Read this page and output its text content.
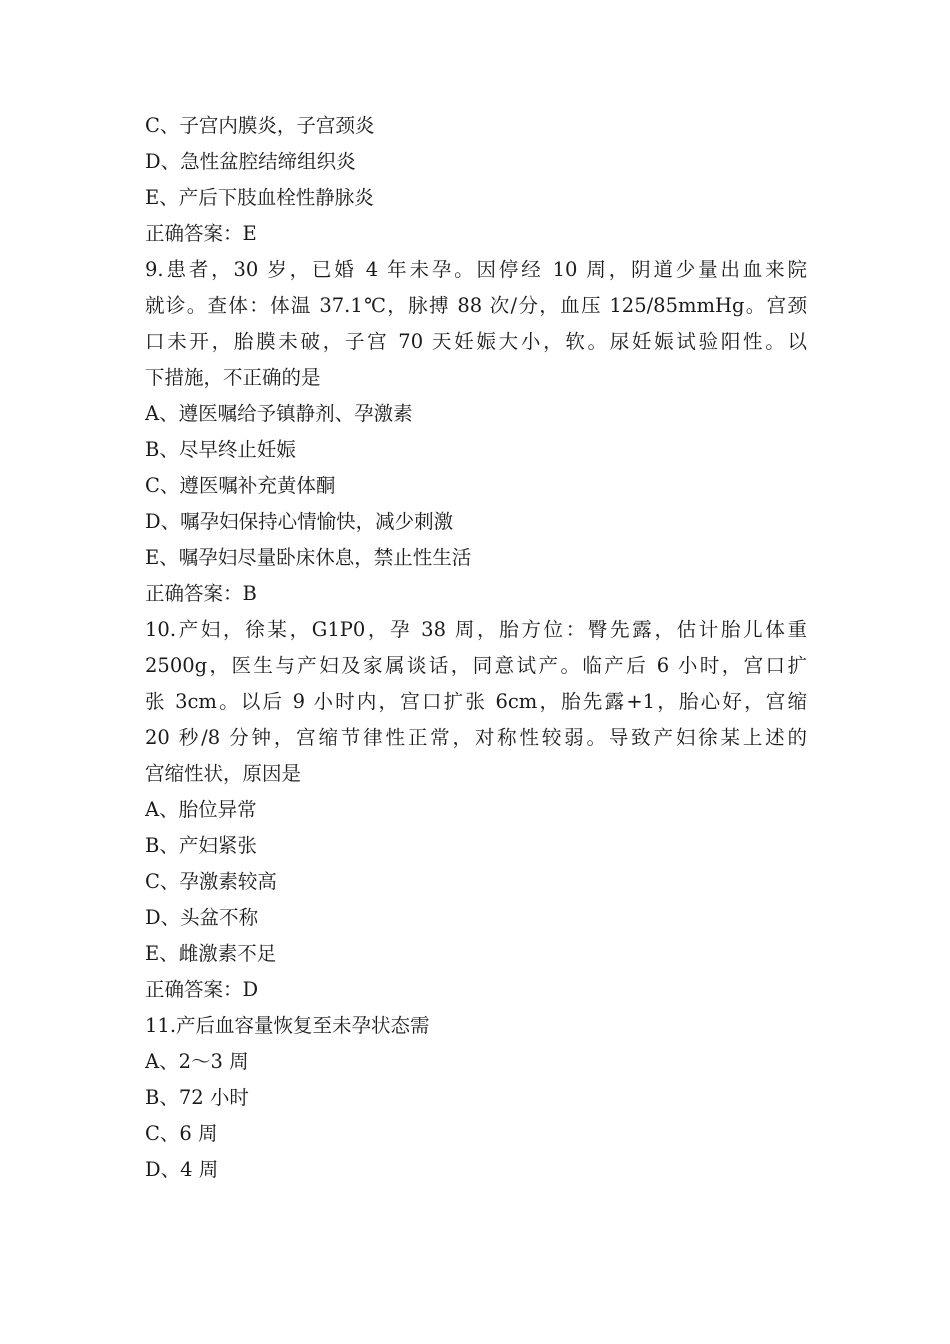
C、子宫内膜炎，子宫颈炎
D、急性盆腔结缔组织炎
E、产后下肢血栓性静脉炎
正确答案：E
9.患者，30 岁，已婚 4 年未孕。因停经 10 周，阴道少量出血来院
就诊。查体：体温 37.1℃，脉搏 88 次/分，血压 125/85mmHg。宫颈
口未开，胎膜未破，子宫 70 天妊娠大小，软。尿妊娠试验阳性。以
下措施，不正确的是
A、遵医嘱给予镇静剂、孕激素
B、尽早终止妊娠
C、遵医嘱补充黄体酮
D、嘱孕妇保持心情愉快，减少刺激
E、嘱孕妇尽量卧床休息，禁止性生活
正确答案：B
10.产妇，徐某，G1P0，孕 38 周，胎方位：臀先露，估计胎儿体重
2500g，医生与产妇及家属谈话，同意试产。临产后 6 小时，宫口扩
张 3cm。以后 9 小时内，宫口扩张 6cm，胎先露+1，胎心好，宫缩
20 秒/8 分钟，宫缩节律性正常，对称性较弱。导致产妇徐某上述的
宫缩性状，原因是
A、胎位异常
B、产妇紧张
C、孕激素较高
D、头盆不称
E、雌激素不足
正确答案：D
11.产后血容量恢复至未孕状态需
A、2～3 周
B、72 小时
C、6 周
D、4 周
